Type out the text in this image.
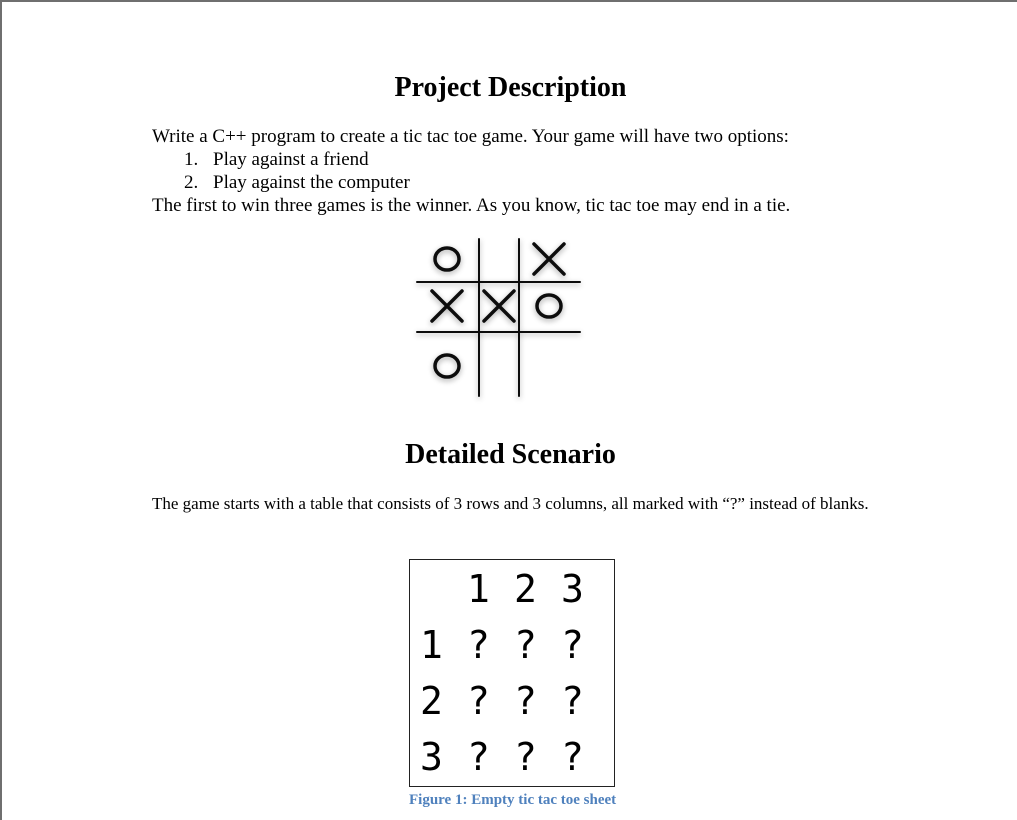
Project Description
Write a C++ program to create a tic tac toe game. Your game will have two options:
1. Play against a friend
2. Play against the computer
The first to win three games is the winner. As you know, tic tac toe may end in a tie.
Detailed Scenario
The game starts with a table that consists of 3 rows and 3 columns, all marked with “?” instead of blanks.
1 2 3
1 ? ? ?
2 ? ? ?
3 ? ? ?
Figure 1: Empty tic tac toe sheet
